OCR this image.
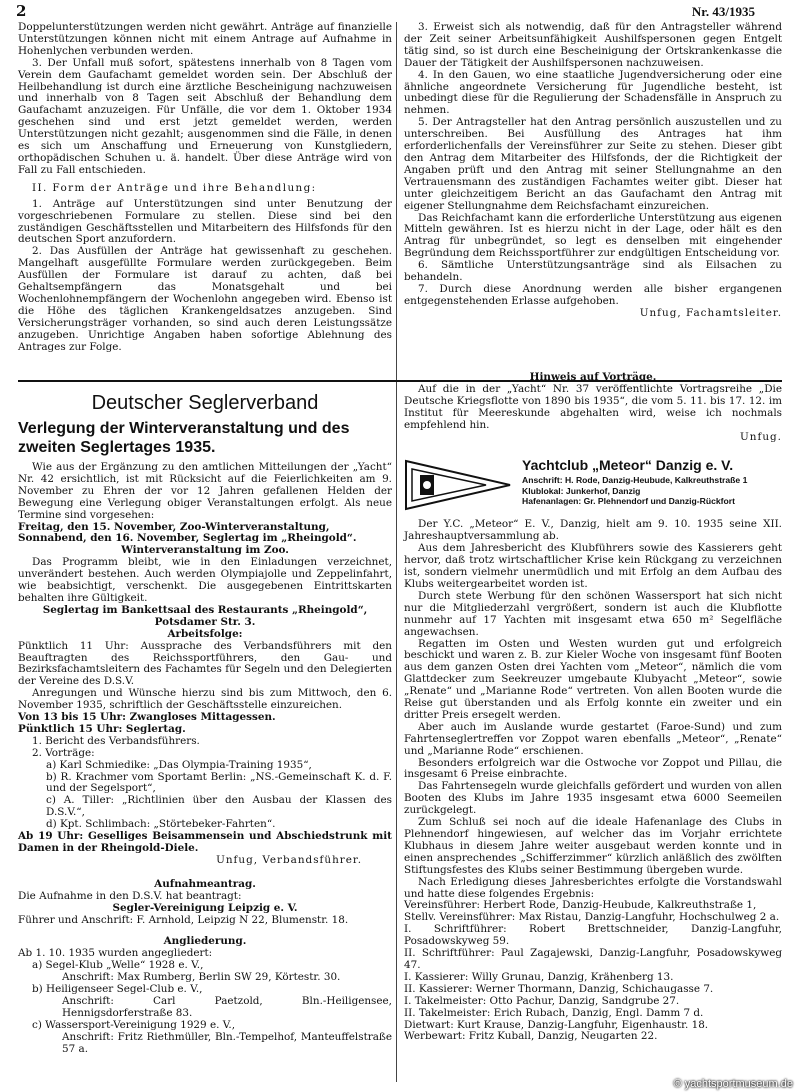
2	Nr. 43/1935

Doppelunterstützungen werden nicht gewährt. Anträge auf finanzielle Unterstützungen können nicht mit einem Antrage auf Aufnahme in Hohenlychen verbunden werden.

3. Der Unfall muß sofort, spätestens innerhalb von 8 Tagen vom Verein dem Gaufachamt gemeldet worden sein. Der Abschluß der Heilbehandlung ist durch eine ärztliche Bescheinigung nachzuweisen und innerhalb von 8 Tagen seit Abschluß der Behandlung dem Gaufachamt anzuzeigen. Für Unfälle, die vor dem 1. Oktober 1934 geschehen sind und erst jetzt gemeldet werden, werden Unterstützungen nicht gezahlt; ausgenommen sind die Fälle, in denen es sich um Anschaffung und Erneuerung von Kunstgliedern, orthopädischen Schuhen u. ä. handelt. Über diese Anträge wird von Fall zu Fall entschieden.

II. Form der Anträge und ihre Behandlung:

1. Anträge auf Unterstützungen sind unter Benutzung der vorgeschriebenen Formulare zu stellen. Diese sind bei den zuständigen Geschäftsstellen und Mitarbeitern des Hilfsfonds für den deutschen Sport anzufordern.

2. Das Ausfüllen der Anträge hat gewissenhaft zu geschehen. Mangelhaft ausgefüllte Formulare werden zurückgegeben. Beim Ausfüllen der Formulare ist darauf zu achten, daß bei Gehaltsempfängern das Monatsgehalt und bei Wochenlohnempfängern der Wochenlohn angegeben wird. Ebenso ist die Höhe des täglichen Krankengeldsatzes anzugeben. Sind Versicherungsträger vorhanden, so sind auch deren Leistungssätze anzugeben. Unrichtige Angaben haben sofortige Ablehnung des Antrages zur Folge.

3. Erweist sich als notwendig, daß für den Antragsteller während der Zeit seiner Arbeitsunfähigkeit Aushilfspersonen gegen Entgelt tätig sind, so ist durch eine Bescheinigung der Ortskrankenkasse die Dauer der Tätigkeit der Aushilfspersonen nachzuweisen.

4. In den Gauen, wo eine staatliche Jugendversicherung oder eine ähnliche angeordnete Versicherung für Jugendliche besteht, ist unbedingt diese für die Regulierung der Schadensfälle in Anspruch zu nehmen.

5. Der Antragsteller hat den Antrag persönlich auszustellen und zu unterschreiben. Bei Ausfüllung des Antrages hat ihm erforderlichenfalls der Vereinsführer zur Seite zu stehen. Dieser gibt den Antrag dem Mitarbeiter des Hilfsfonds, der die Richtigkeit der Angaben prüft und den Antrag mit seiner Stellungnahme an den Vertrauensmann des zuständigen Fachamtes weiter gibt. Dieser hat unter gleichzeitigem Bericht an das Gaufachamt den Antrag mit eigener Stellungnahme dem Reichsfachamt einzureichen.

Das Reichfachamt kann die erforderliche Unterstützung aus eigenen Mitteln gewähren. Ist es hierzu nicht in der Lage, oder hält es den Antrag für unbegründet, so legt es denselben mit eingehender Begründung dem Reichssportführer zur endgültigen Entscheidung vor.

6. Sämtliche Unterstützungsanträge sind als Eilsachen zu behandeln.

7. Durch diese Anordnung werden alle bisher ergangenen entgegenstehenden Erlasse aufgehoben.

Unfug, Fachamtsleiter.

Deutscher Seglerverband
Verlegung der Winterveranstaltung und des zweiten Seglertages 1935.

Wie aus der Ergänzung zu den amtlichen Mitteilungen der „Yacht“ Nr. 42 ersichtlich, ist mit Rücksicht auf die Feierlichkeiten am 9. November zu Ehren der vor 12 Jahren gefallenen Helden der Bewegung eine Verlegung obiger Veranstaltungen erfolgt. Als neue Termine sind vorgesehen:

Freitag, den 15. November, Zoo-Winterveranstaltung,

Sonnabend, den 16. November, Seglertag im „Rheingold“.

Winterveranstaltung im Zoo.

Das Programm bleibt, wie in den Einladungen verzeichnet, unverändert bestehen. Auch werden Olympiajolle und Zeppelinfahrt, wie beabsichtigt, verschenkt. Die ausgegebenen Eintrittskarten behalten ihre Gültigkeit.

Seglertag im Bankettsaal des Restaurants „Rheingold“, Potsdamer Str. 3.

Arbeitsfolge:

Pünktlich 11 Uhr: Aussprache des Verbandsführers mit den Beauftragten des Reichssportführers, den Gau- und Bezirksfachamtsleitern des Fachamtes für Segeln und den Delegierten der Vereine des D.S.V.

Anregungen und Wünsche hierzu sind bis zum Mittwoch, den 6. November 1935, schriftlich der Geschäftsstelle einzureichen.

Von 13 bis 15 Uhr: Zwangloses Mittagessen.

Pünktlich 15 Uhr: Seglertag.

1. Bericht des Verbandsführers.

2. Vorträge:

a) Karl Schmiedike: „Das Olympia-Training 1935“,

b) R. Krachmer vom Sportamt Berlin: „NS.-Gemeinschaft K. d. F. und der Segelsport“,

c) A. Tiller: „Richtlinien über den Ausbau der Klassen des D.S.V.“,

d) Kpt. Schlimbach: „Störtebeker-Fahrten“.

Ab 19 Uhr: Geselliges Beisammensein und Abschiedstrunk mit Damen in der Rheingold-Diele.

Unfug, Verbandsführer.

Aufnahmeantrag.

Die Aufnahme in den D.S.V. hat beantragt:

Segler-Vereinigung Leipzig e. V.

Führer und Anschrift: F. Arnhold, Leipzig N 22, Blumenstr. 18.

Angliederung.

Ab 1. 10. 1935 wurden angegliedert:

a) Segel-Klub „Welle“ 1928 e. V.,

Anschrift: Max Rumberg, Berlin SW 29, Körtestr. 30.

b) Heiligenseer Segel-Club e. V.,

Anschrift: Carl Paetzold, Bln.-Heiligensee, Hennigsdorferstraße 83.

c) Wassersport-Vereinigung 1929 e. V.,

Anschrift: Fritz Riethmüller, Bln.-Tempelhof, Manteuffelstraße 57 a.

Hinweis auf Vorträge.

Auf die in der „Yacht“ Nr. 37 veröffentlichte Vortragsreihe „Die Deutsche Kriegsflotte von 1890 bis 1935“, die vom 5. 11. bis 17. 12. im Institut für Meereskunde abgehalten wird, weise ich nochmals empfehlend hin.

Unfug.

Yachtclub „Meteor“ Danzig e. V.
Anschrift: H. Rode, Danzig-Heubude, Kalkreuthstraße 1
Klublokal: Junkerhof, Danzig
Hafenanlagen: Gr. Plehnendorf und Danzig-Rückfort

Der Y.C. „Meteor“ E. V., Danzig, hielt am 9. 10. 1935 seine XII. Jahreshauptversammlung ab.

Aus dem Jahresbericht des Klubführers sowie des Kassierers geht hervor, daß trotz wirtschaftlicher Krise kein Rückgang zu verzeichnen ist, sondern vielmehr unermüdlich und mit Erfolg an dem Aufbau des Klubs weitergearbeitet worden ist.

Durch stete Werbung für den schönen Wassersport hat sich nicht nur die Mitgliederzahl vergrößert, sondern ist auch die Klubflotte nunmehr auf 17 Yachten mit insgesamt etwa 650 m² Segelfläche angewachsen.

Regatten im Osten und Westen wurden gut und erfolgreich beschickt und waren z. B. zur Kieler Woche von insgesamt fünf Booten aus dem ganzen Osten drei Yachten vom „Meteor“, nämlich die vom Glattdecker zum Seekreuzer umgebaute Klubyacht „Meteor“, sowie „Renate“ und „Marianne Rode“ vertreten. Von allen Booten wurde die Reise gut überstanden und als Erfolg konnte ein zweiter und ein dritter Preis ersegelt werden.

Aber auch im Auslande wurde gestartet (Faroe-Sund) und zum Fahrtenseglertreffen vor Zoppot waren ebenfalls „Meteor“, „Renate“ und „Marianne Rode“ erschienen.

Besonders erfolgreich war die Ostwoche vor Zoppot und Pillau, die insgesamt 6 Preise einbrachte.

Das Fahrtensegeln wurde gleichfalls gefördert und wurden von allen Booten des Klubs im Jahre 1935 insgesamt etwa 6000 Seemeilen zurückgelegt.

Zum Schluß sei noch auf die ideale Hafenanlage des Clubs in Plehnendorf hingewiesen, auf welcher das im Vorjahr errichtete Klubhaus in diesem Jahre weiter ausgebaut werden konnte und in einen ansprechendes „Schifferzimmer“ kürzlich anläßlich des zwölften Stiftungsfestes des Klubs seiner Bestimmung übergeben wurde.

Nach Erledigung dieses Jahresberichtes erfolgte die Vorstandswahl und hatte diese folgendes Ergebnis:

Vereinsführer: Herbert Rode, Danzig-Heubude, Kalkreuthstraße 1,

Stellv. Vereinsführer: Max Ristau, Danzig-Langfuhr, Hochschulweg 2 a.

I. Schriftführer: Robert Brettschneider, Danzig-Langfuhr, Posadowskyweg 59.

II. Schriftführer: Paul Zagajewski, Danzig-Langfuhr, Posadowskyweg 47.

I. Kassierer: Willy Grunau, Danzig, Krähenberg 13.

II. Kassierer: Werner Thormann, Danzig, Schichaugasse 7.

I. Takelmeister: Otto Pachur, Danzig, Sandgrube 27.

II. Takelmeister: Erich Rubach, Danzig, Engl. Damm 7 d.

Dietwart: Kurt Krause, Danzig-Langfuhr, Eigenhaustr. 18.

Werbewart: Fritz Kuball, Danzig, Neugarten 22.

© yachtsportmuseum.de
